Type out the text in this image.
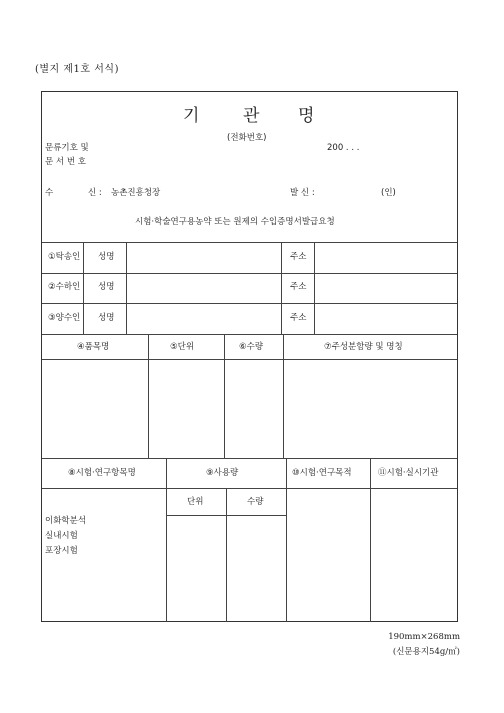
(별지 제1호 서식)
기	관 명
(전화번호)
문류기호 및
문 서 번 호
200 . . .
수	신 : 농촌진흥청장	발 신 :	(인)
시험·학술연구용농약 또는 원제의 수입증명서발급요청
①탁송인 성명	주소
②수하인 성명	주소
③양수인 성명	주소
④품목명	⑤단위	⑥수량	⑦주성분함량 및 명칭
⑧시험·연구항목명	⑨사용량	⑩시험·연구목적	⑪시험·실시기관
단위	수량
이화학분석
실내시험
포장시험
190mm×268mm
(신문용지54g/㎡)
